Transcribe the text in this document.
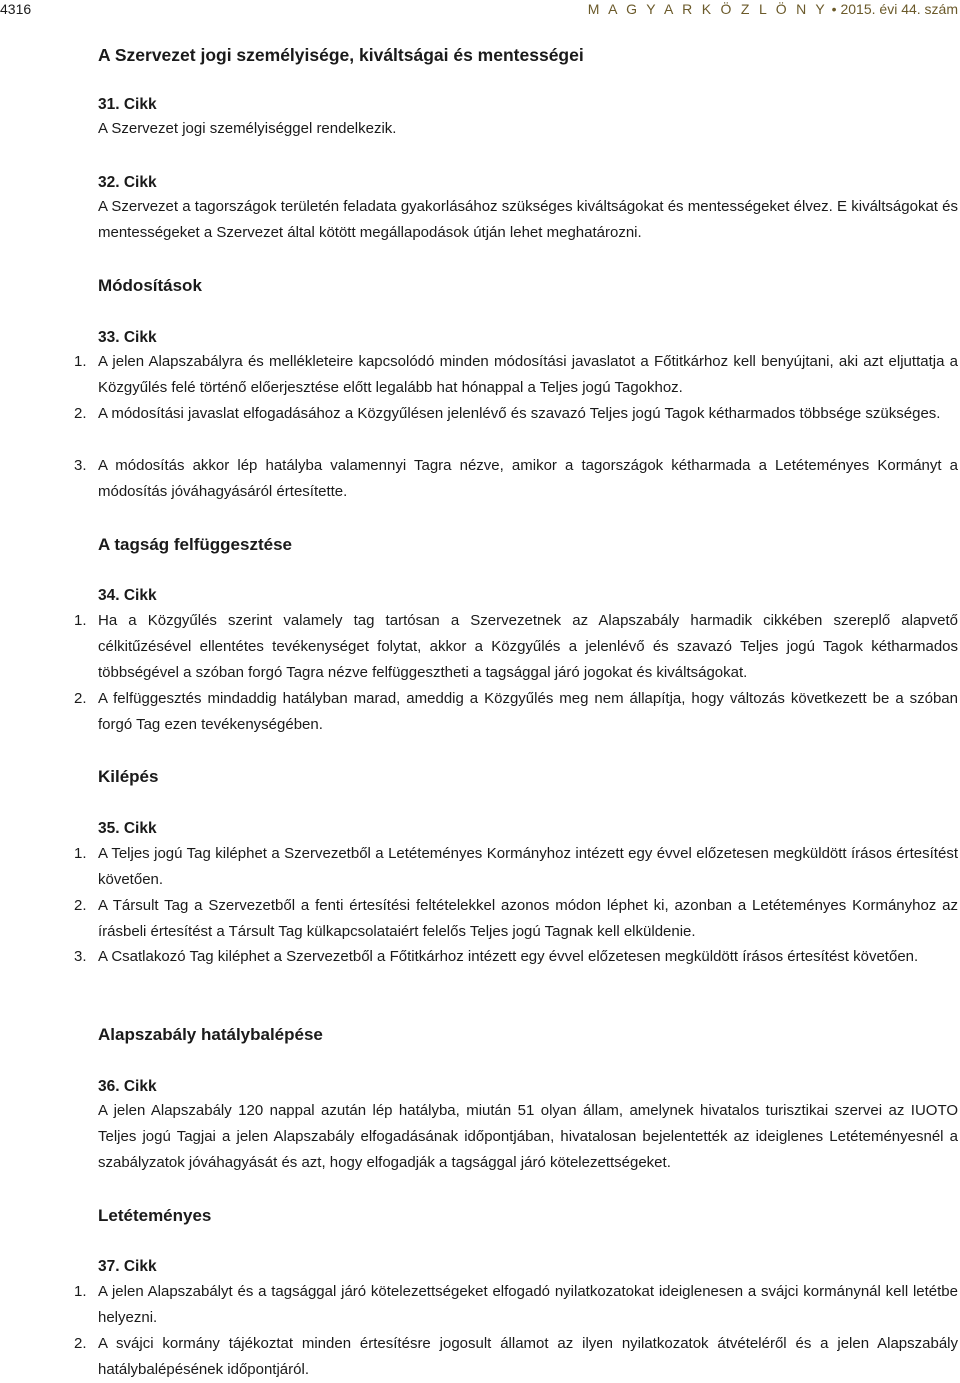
4316	M A G Y A R K Ö Z L Ö N Y • 2015. évi 44. szám
A Szervezet jogi személyisége, kiváltságai és mentességei
31. Cikk

A Szervezet jogi személyiséggel rendelkezik.

32. Cikk

A Szervezet a tagországok területén feladata gyakorlásához szükséges kiváltságokat és mentességeket élvez. E kiváltságokat és mentességeket a Szervezet által kötött megállapodások útján lehet meghatározni.

Módosítások
33. Cikk
1. A jelen Alapszabályra és mellékleteire kapcsolódó minden módosítási javaslatot a Főtitkárhoz kell benyújtani, aki azt eljuttatja a Közgyűlés felé történő előerjesztése előtt legalább hat hónappal a Teljes jogú Tagokhoz.
2. A módosítási javaslat elfogadásához a Közgyűlésen jelenlévő és szavazó Teljes jogú Tagok kétharmados többsége szükséges.
3. A módosítás akkor lép hatályba valamennyi Tagra nézve, amikor a tagországok kétharmada a Letéteményes Kormányt a módosítás jóváhagyásáról értesítette.
A tagság felfüggesztése
34. Cikk
1. Ha a Közgyűlés szerint valamely tag tartósan a Szervezetnek az Alapszabály harmadik cikkében szereplő alapvető célkitűzésével ellentétes tevékenységet folytat, akkor a Közgyűlés a jelenlévő és szavazó Teljes jogú Tagok kétharmados többségével a szóban forgó Tagra nézve felfüggesztheti a tagsággal járó jogokat és kiváltságokat.
2. A felfüggesztés mindaddig hatályban marad, ameddig a Közgyűlés meg nem állapítja, hogy változás következett be a szóban forgó Tag ezen tevékenységében.
Kilépés
35. Cikk
1. A Teljes jogú Tag kiléphet a Szervezetből a Letéteményes Kormányhoz intézett egy évvel előzetesen megküldött írásos értesítést követően.
2. A Társult Tag a Szervezetből a fenti értesítési feltételekkel azonos módon léphet ki, azonban a Letéteményes Kormányhoz az írásbeli értesítést a Társult Tag külkapcsolataiért felelős Teljes jogú Tagnak kell elküldenie.
3. A Csatlakozó Tag kiléphet a Szervezetből a Főtitkárhoz intézett egy évvel előzetesen megküldött írásos értesítést követően.
Alapszabály hatálybalépése
36. Cikk

A jelen Alapszabály 120 nappal azután lép hatályba, miután 51 olyan állam, amelynek hivatalos turisztikai szervei az IUOTO Teljes jogú Tagjai a jelen Alapszabály elfogadásának időpontjában, hivatalosan bejelentették az ideiglenes Letéteményesnél a szabályzatok jóváhagyását és azt, hogy elfogadják a tagsággal járó kötelezettségeket.

Letéteményes
37. Cikk
1. A jelen Alapszabályt és a tagsággal járó kötelezettségeket elfogadó nyilatkozatokat ideiglenesen a svájci kormánynál kell letétbe helyezni.
2. A svájci kormány tájékoztat minden értesítésre jogosult államot az ilyen nyilatkozatok átvételéről és a jelen Alapszabály hatálybalépésének időpontjáról.
